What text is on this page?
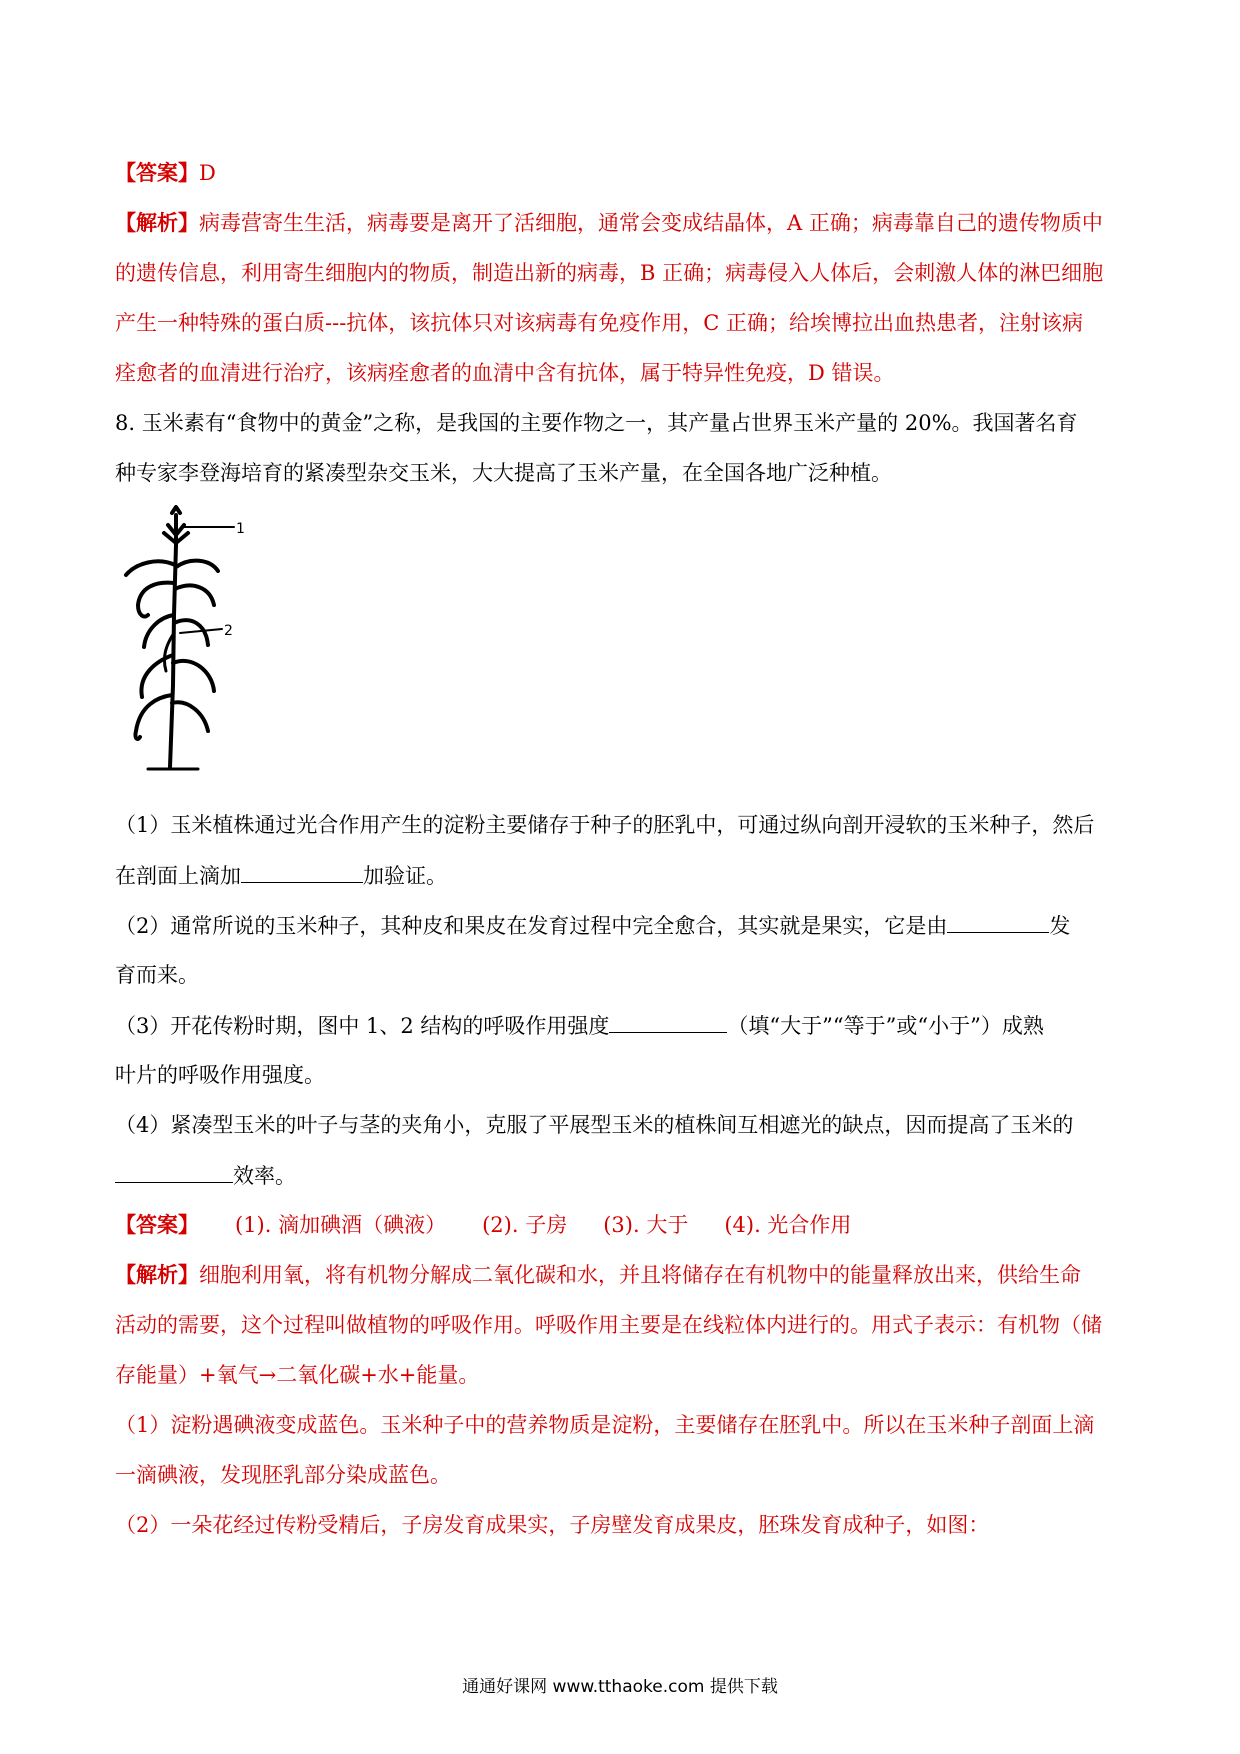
【答案】D
【解析】病毒营寄生生活，病毒要是离开了活细胞，通常会变成结晶体，A 正确；病毒靠自己的遗传物质中
的遗传信息，利用寄生细胞内的物质，制造出新的病毒，B 正确；病毒侵入人体后，会刺激人体的淋巴细胞
产生一种特殊的蛋白质---抗体，该抗体只对该病毒有免疫作用，C 正确；给埃博拉出血热患者，注射该病
痊愈者的血清进行治疗，该病痊愈者的血清中含有抗体，属于特异性免疫，D 错误。
8. 玉米素有“食物中的黄金”之称，是我国的主要作物之一，其产量占世界玉米产量的 20%。我国著名育
种专家李登海培育的紧凑型杂交玉米，大大提高了玉米产量，在全国各地广泛种植。
1
2
（1）玉米植株通过光合作用产生的淀粉主要储存于种子的胚乳中，可通过纵向剖开浸软的玉米种子，然后
在剖面上滴加	加验证。
（2）通常所说的玉米种子，其种皮和果皮在发育过程中完全愈合，其实就是果实，它是由	发
育而来。
（3）开花传粉时期，图中 1、2 结构的呼吸作用强度	（填“大于”“等于”或“小于”）成熟
叶片的呼吸作用强度。
（4）紧凑型玉米的叶子与茎的夹角小，克服了平展型玉米的植株间互相遮光的缺点，因而提高了玉米的
效率。
【答案】 (1). 滴加碘酒（碘液） (2). 子房 (3). 大于 (4). 光合作用
【解析】细胞利用氧，将有机物分解成二氧化碳和水，并且将储存在有机物中的能量释放出来，供给生命
活动的需要，这个过程叫做植物的呼吸作用。呼吸作用主要是在线粒体内进行的。用式子表示：有机物（储
存能量）+氧气→二氧化碳+水+能量。
（1）淀粉遇碘液变成蓝色。玉米种子中的营养物质是淀粉，主要储存在胚乳中。所以在玉米种子剖面上滴
一滴碘液，发现胚乳部分染成蓝色。
（2）一朵花经过传粉受精后，子房发育成果实，子房壁发育成果皮，胚珠发育成种子，如图：
通通好课网 www.tthaoke.com 提供下载
